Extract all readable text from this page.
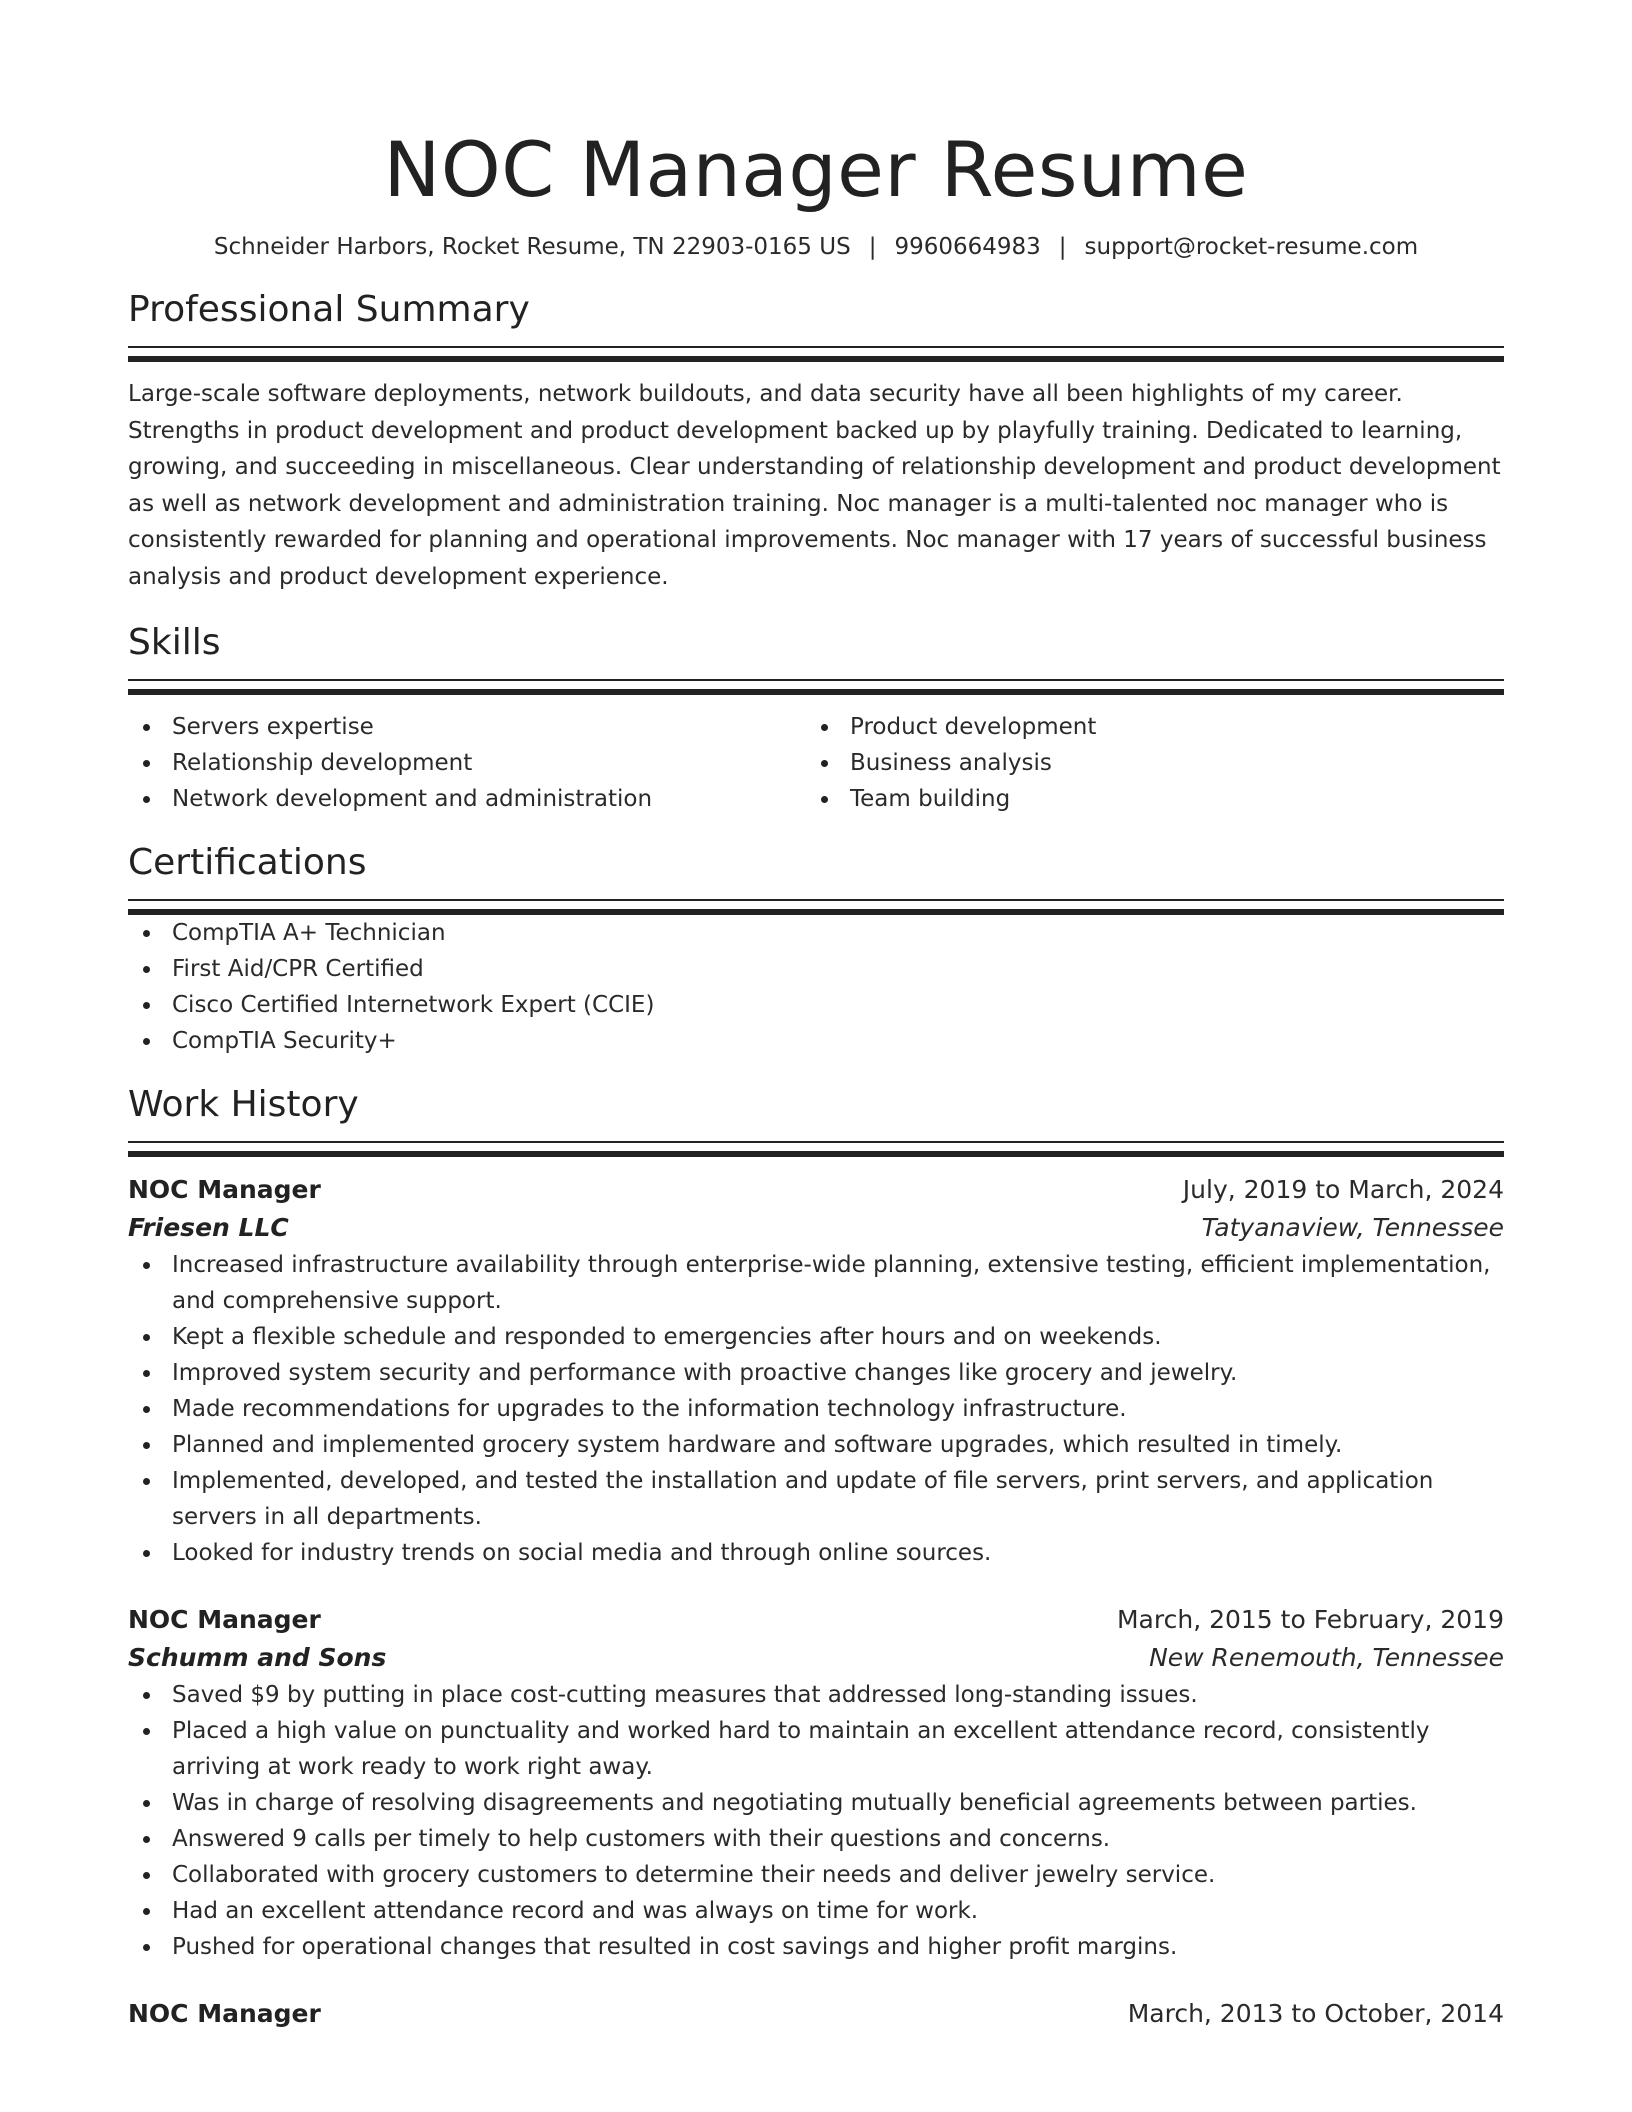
NOC Manager Resume
Schneider Harbors, Rocket Resume, TN 22903-0165 US | 9960664983 | support@rocket-resume.com
Professional Summary

Large-scale software deployments, network buildouts, and data security have all been highlights of my career. Strengths in product development and product development backed up by playfully training. Dedicated to learning, growing, and succeeding in miscellaneous. Clear understanding of relationship development and product development as well as network development and administration training. Noc manager is a multi-talented noc manager who is consistently rewarded for planning and operational improvements. Noc manager with 17 years of successful business analysis and product development experience.

Skills
Servers expertise
Relationship development
Network development and administration
Product development
Business analysis
Team building
Certifications
CompTIA A+ Technician
First Aid/CPR Certified
Cisco Certified Internetwork Expert (CCIE)
CompTIA Security+
Work History
NOC Manager	July, 2019 to March, 2024
Friesen LLC	Tatyanaview, Tennessee
Increased infrastructure availability through enterprise-wide planning, extensive testing, efficient implementation, and comprehensive support.
Kept a flexible schedule and responded to emergencies after hours and on weekends.
Improved system security and performance with proactive changes like grocery and jewelry.
Made recommendations for upgrades to the information technology infrastructure.
Planned and implemented grocery system hardware and software upgrades, which resulted in timely.
Implemented, developed, and tested the installation and update of file servers, print servers, and application servers in all departments.
Looked for industry trends on social media and through online sources.
NOC Manager	March, 2015 to February, 2019
Schumm and Sons	New Renemouth, Tennessee
Saved $9 by putting in place cost-cutting measures that addressed long-standing issues.
Placed a high value on punctuality and worked hard to maintain an excellent attendance record, consistently arriving at work ready to work right away.
Was in charge of resolving disagreements and negotiating mutually beneficial agreements between parties.
Answered 9 calls per timely to help customers with their questions and concerns.
Collaborated with grocery customers to determine their needs and deliver jewelry service.
Had an excellent attendance record and was always on time for work.
Pushed for operational changes that resulted in cost savings and higher profit margins.
NOC Manager	March, 2013 to October, 2014
